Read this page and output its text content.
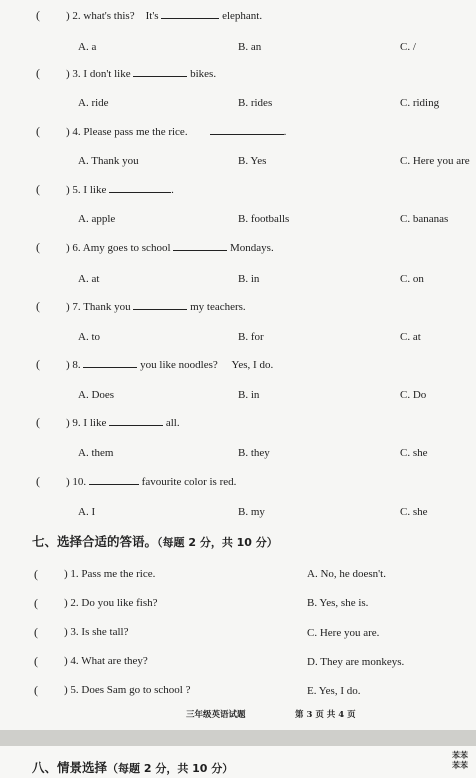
( ) 2. what's this? It's	elephant.
A. a	B. an	C. /
( ) 3. I don't like	bikes.
A. ride	B. rides	C. riding
( ) 4. Please pass me the rice.	.
A. Thank you	B. Yes	C. Here you are
( ) 5. I like	.
A. apple	B. footballs	C. bananas
( ) 6. Amy goes to school	Mondays.
A. at	B. in	C. on
( ) 7. Thank you	my teachers.
A. to	B. for	C. at
( ) 8.	you like noodles? Yes, I do.
A. Does	B. in	C. Do
( ) 9. I like	all.
A. them	B. they	C. she
( ) 10.	favourite color is red.
A. I	B. my	C. she
七、选择合适的答语。（每题 2 分，共 10 分）
( ) 1. Pass me the rice.	A. No, he doesn't.
( ) 2. Do you like fish?	B. Yes, she is.
( ) 3. Is she tall?	C. Here you are.
( ) 4. What are they?	D. They are monkeys.
( ) 5. Does Sam go to school ?	E. Yes, I do.
三年级英语试题	第 3 页 共 4 页
八、情景选择（每题 2 分，共 10 分）
苯苯
苯苯
